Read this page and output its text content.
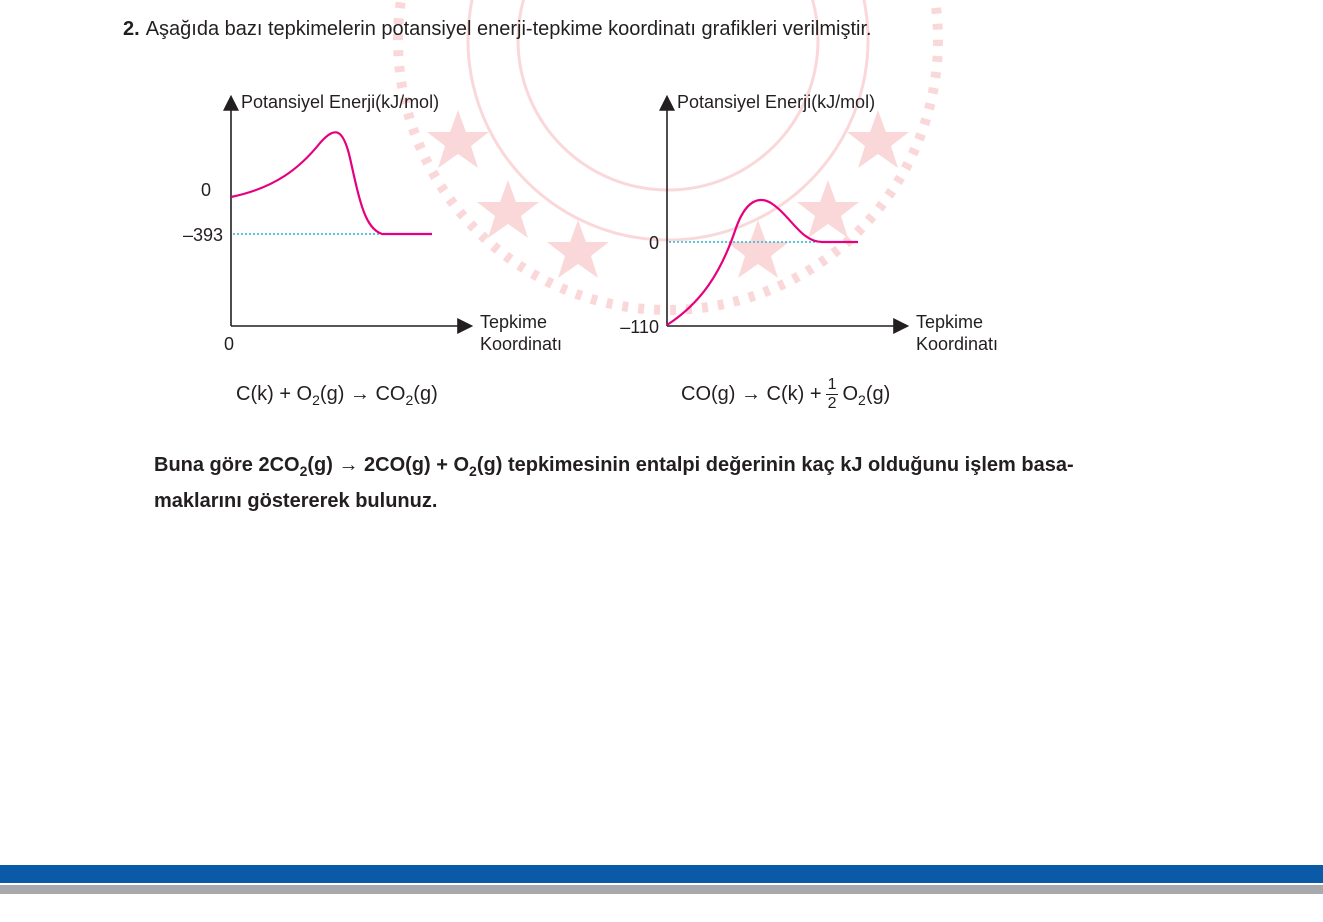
2. Aşağıda bazı tepkimelerin potansiyel enerji-tepkime koordinatı grafikleri verilmiştir.
Potansiyel Enerji(kJ/mol)
Tepkime
Koordinatı
0
0
–393
$C(k) + O_2(g) \to CO_2(g)$
Potansiyel Enerji(kJ/mol)
Tepkime
Koordinatı
0
–110
$CO(g) \to C(k) + \frac{1}{2} O_2(g)$
Buna göre $2CO_2(g) \to 2CO(g) + O_2(g)$ tepkimesinin entalpi değerinin kaç kJ olduğunu işlem basa-
maklarını göstererek bulunuz.
